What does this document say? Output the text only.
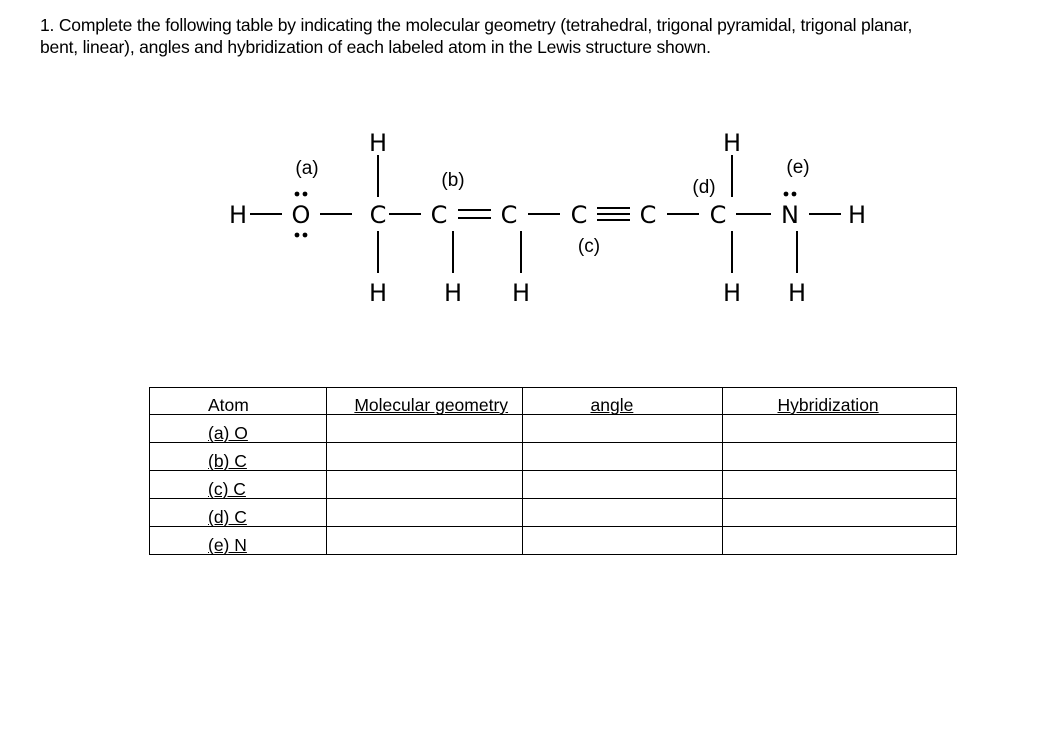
1. Complete the following table by indicating the molecular geometry (tetrahedral, trigonal pyramidal, trigonal planar,
bent, linear), angles and hybridization of each labeled atom in the Lewis structure shown.
H O C C C C C C N H
H
H H H
H
H H
(a)
(b)
(c)
(d)
(e)
Atom	Molecular geometry	angle	Hybridization
(a) O			
(b) C			
(c) C			
(d) C			
(e) N			
